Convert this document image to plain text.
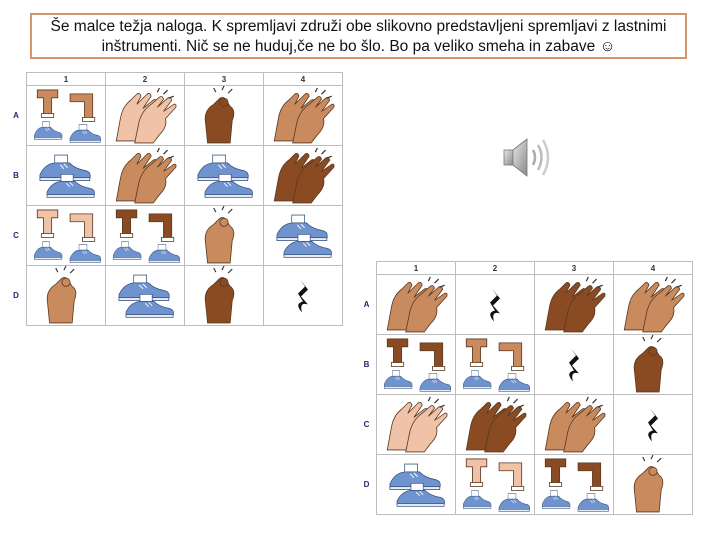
Še malce težja naloga. K spremljavi združi obe slikovno predstavljeni spremljavi z lastnimi inštrumenti. Nič se ne huduj,če ne bo šlo. Bo pa veliko smeha in zabave ☺
	1	2	3	4
A	

B	

C	

D	

	1	2	3	4
A	

B	

C	

D	
